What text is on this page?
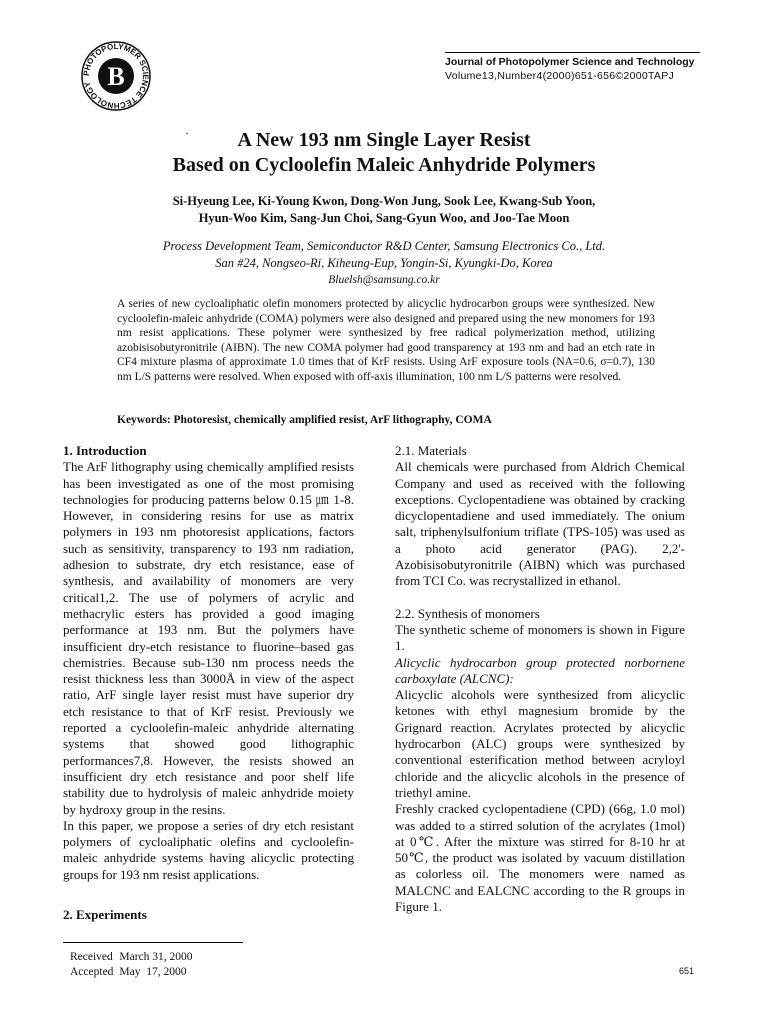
PHOTOPOLYMER SCIENCE TECHNOLOGY B	Journal of Photopolymer Science and Technology
Volume13,Number4(2000)651-656©2000TAPJ
·	A New 193 nm Single Layer Resist
Based on Cycloolefin Maleic Anhydride Polymers
Si-Hyeung Lee, Ki-Young Kwon, Dong-Won Jung, Sook Lee, Kwang-Sub Yoon,
Hyun-Woo Kim, Sang-Jun Choi, Sang-Gyun Woo, and Joo-Tae Moon
Process Development Team, Semiconductor R&D Center, Samsung Electronics Co., Ltd.
San #24, Nongseo-Ri, Kiheung-Eup, Yongin-Si, Kyungki-Do, Korea
Bluelsh@samsung.co.kr
A series of new cycloaliphatic olefin monomers protected by alicyclic hydrocarbon groups were synthesized. New cycloolefin-maleic anhydride (COMA) polymers were also designed and prepared using the new monomers for 193 nm resist applications. These polymer were synthesized by free radical polymerization method, utilizing azobisisobutyronitrile (AIBN). The new COMA polymer had good transparency at 193 nm and had an etch rate in CF4 mixture plasma of approximate 1.0 times that of KrF resists. Using ArF exposure tools (NA=0.6, σ=0.7), 130 nm L/S patterns were resolved. When exposed with off-axis illumination, 100 nm L/S patterns were resolved.
Keywords: Photoresist, chemically amplified resist, ArF lithography, COMA

1. Introduction

The ArF lithography using chemically amplified resists has been investigated as one of the most promising technologies for producing patterns below 0.15 ㎛ 1-8. However, in considering resins for use as matrix polymers in 193 nm photoresist applications, factors such as sensitivity, transparency to 193 nm radiation, adhesion to substrate, dry etch resistance, ease of synthesis, and availability of monomers are very critical1,2. The use of polymers of acrylic and methacrylic esters has provided a good imaging performance at 193 nm. But the polymers have insufficient dry-etch resistance to fluorine–based gas chemistries. Because sub-130 nm process needs the resist thickness less than 3000Å in view of the aspect ratio, ArF single layer resist must have superior dry etch resistance to that of KrF resist. Previously we reported a cycloolefin-maleic anhydride alternating systems that showed good lithographic performances7,8. However, the resists showed an insufficient dry etch resistance and poor shelf life stability due to hydrolysis of maleic anhydride moiety by hydroxy group in the resins.

In this paper, we propose a series of dry etch resistant polymers of cycloaliphatic olefins and cycloolefin-maleic anhydride systems having alicyclic protecting groups for 193 nm resist applications.

2. Experiments

2.1. Materials

All chemicals were purchased from Aldrich Chemical Company and used as received with the following exceptions. Cyclopentadiene was obtained by cracking dicyclopentadiene and used immediately. The onium salt, triphenylsulfonium triflate (TPS-105) was used as a photo acid generator (PAG). 2,2'-Azobisisobutyronitrile (AIBN) which was purchased from TCI Co. was recrystallized in ethanol.

2.2. Synthesis of monomers

The synthetic scheme of monomers is shown in Figure 1.

Alicyclic hydrocarbon group protected norbornene carboxylate (ALCNC):

Alicyclic alcohols were synthesized from alicyclic ketones with ethyl magnesium bromide by the Grignard reaction. Acrylates protected by alicyclic hydrocarbon (ALC) groups were synthesized by conventional esterification method between acryloyl chloride and the alicyclic alcohols in the presence of triethyl amine.

Freshly cracked cyclopentadiene (CPD) (66g, 1.0 mol) was added to a stirred solution of the acrylates (1mol) at 0℃. After the mixture was stirred for 8-10 hr at 50℃, the product was isolated by vacuum distillation as colorless oil. The monomers were named as MALCNC and EALCNC according to the R groups in Figure 1.

Received	March 31, 2000
Accepted	May  17, 2000	651
